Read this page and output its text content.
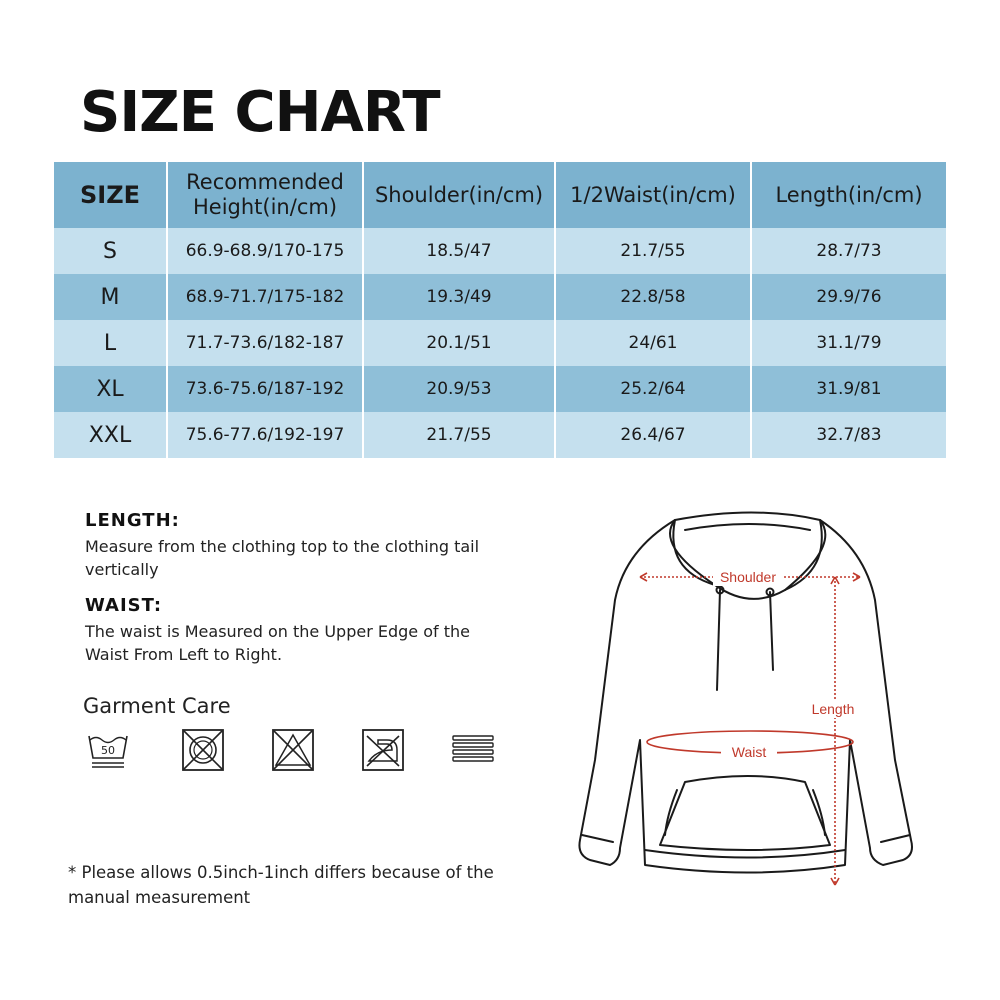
SIZE CHART
SIZE	Recommended Height(in/cm)	Shoulder(in/cm)	1/2Waist(in/cm)	Length(in/cm)
S	66.9-68.9/170-175	18.5/47	21.7/55	28.7/73
M	68.9-71.7/175-182	19.3/49	22.8/58	29.9/76
L	71.7-73.6/182-187	20.1/51	24/61	31.1/79
XL	73.6-75.6/187-192	20.9/53	25.2/64	31.9/81
XXL	75.6-77.6/192-197	21.7/55	26.4/67	32.7/83
LENGTH:
Measure from the clothing top to the clothing tail vertically
WAIST:
The waist is Measured on the Upper Edge of the Waist From Left to Right.
Garment Care
50
* Please allows 0.5inch-1inch differs because of the manual measurement
Shoulder
Length
Waist
